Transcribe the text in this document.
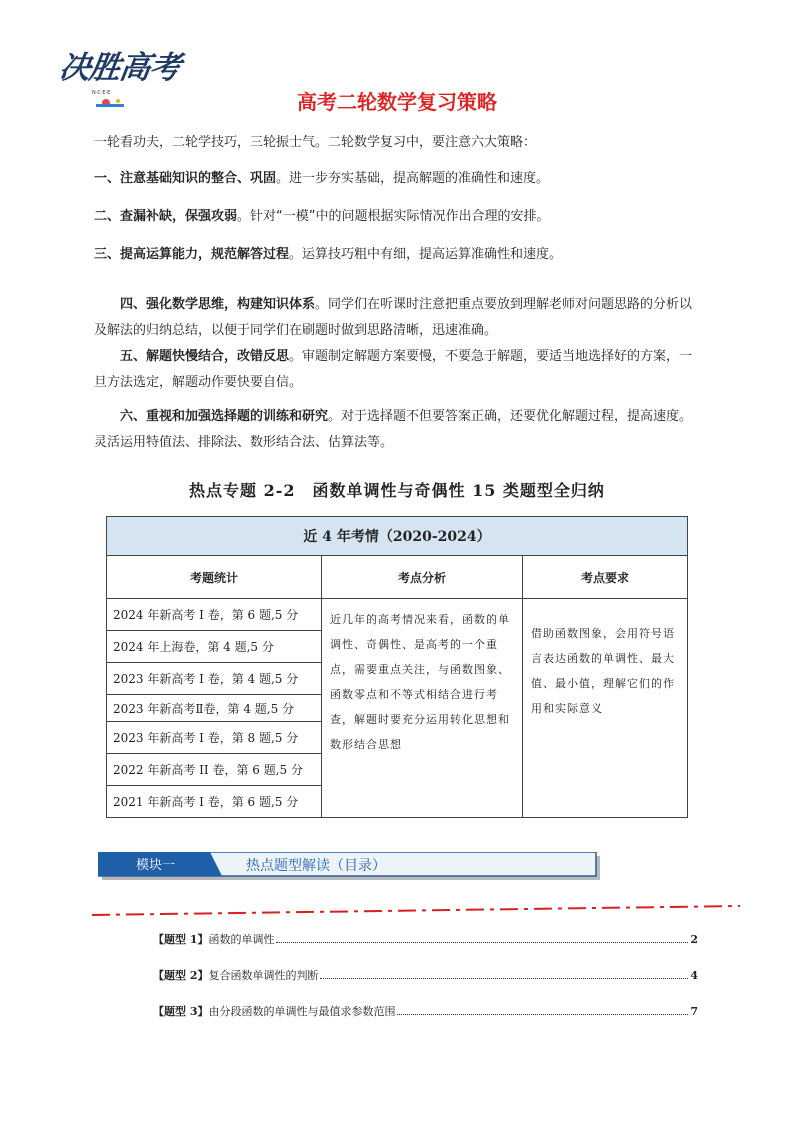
决胜高考
N·C·E·E	高考二轮数学复习策略
一轮看功夫，二轮学技巧，三轮振士气。二轮数学复习中，要注意六大策略：
一、注意基础知识的整合、巩固。进一步夯实基础，提高解题的准确性和速度。
二、查漏补缺，保强攻弱。针对“一模”中的问题根据实际情况作出合理的安排。
三、提高运算能力，规范解答过程。运算技巧粗中有细，提高运算准确性和速度。
四、强化数学思维，构建知识体系。同学们在听课时注意把重点要放到理解老师对问题思路的分析以及解法的归纳总结，以便于同学们在刷题时做到思路清晰，迅速准确。
五、解题快慢结合，改错反思。审题制定解题方案要慢，不要急于解题，要适当地选择好的方案，一旦方法选定，解题动作要快要自信。
六、重视和加强选择题的训练和研究。对于选择题不但要答案正确，还要优化解题过程，提高速度。灵活运用特值法、排除法、数形结合法、估算法等。
热点专题 2-2　函数单调性与奇偶性 15 类题型全归纳
近 4 年考情（2020-2024）		
考题统计	考点分析	考点要求
2024 年新高考 I 卷，第 6 题,5 分	近几年的高考情况来看，函数的单调性、奇偶性、是高考的一个重点，需要重点关注，与函数图象、函数零点和不等式相结合进行考查，解题时要充分运用转化思想和数形结合思想	借助函数图象，会用符号语言表达函数的单调性、最大值、最小值，理解它们的作用和实际意义
2024 年上海卷，第 4 题,5 分		
2023 年新高考 I 卷，第 4 题,5 分		
2023 年新高考Ⅱ卷，第 4 题,5 分		
2023 年新高考 I 卷，第 8 题,5 分		
2022 年新高考 II 卷，第 6 题,5 分		
2021 年新高考 I 卷，第 6 题,5 分		
模块一	热点题型解读（目录）
【题型 1】 函数的单调性	2
【题型 2】 复合函数单调性的判断	4
【题型 3】 由分段函数的单调性与最值求参数范围	7
